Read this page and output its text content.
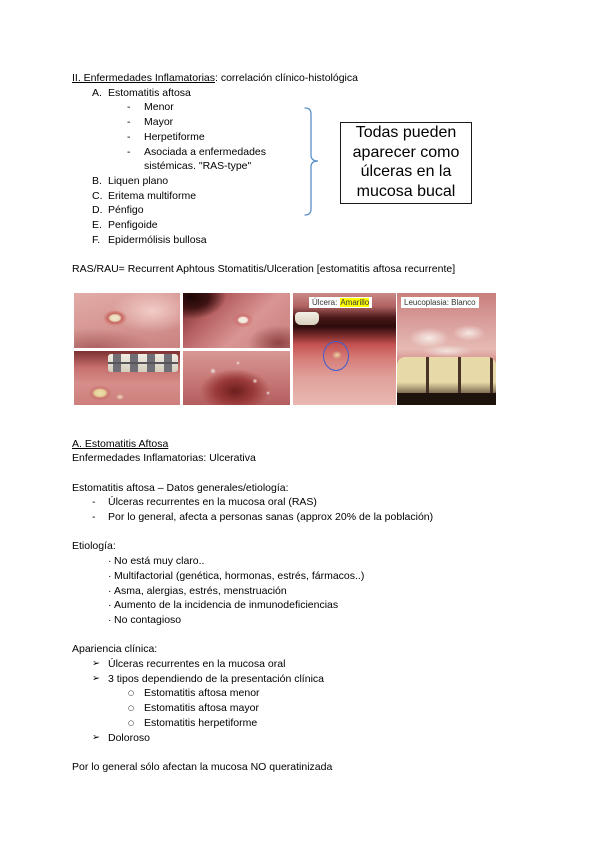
II. Enfermedades Inflamatorias: correlación clínico-histológica
A. Estomatitis aftosa
- Menor
- Mayor
- Herpetiforme
- Asociada a enfermedades sistémicas. "RAS-type"
B. Liquen plano
C. Eritema multiforme
D. Pénfigo
E. Penfigoide
F. Epidermólisis bullosa
RAS/RAU= Recurrent Aphtous Stomatitis/Ulceration [estomatitis aftosa recurrente]
Todas pueden
aparecer como
úlceras en la
mucosa bucal
Úlcera: Amarillo	Leucoplasia: Blanco
A. Estomatitis Aftosa
Enfermedades Inflamatorias: Ulcerativa
Estomatitis aftosa – Datos generales/etiología:
- Úlceras recurrentes en la mucosa oral (RAS)
- Por lo general, afecta a personas sanas (approx 20% de la población)
Etiología:
· No está muy claro..
· Multifactorial (genética, hormonas, estrés, fármacos..)
· Asma, alergias, estrés, menstruación
· Aumento de la incidencia de inmunodeficiencias
· No contagioso
Apariencia clínica:
➢ Úlceras recurrentes en la mucosa oral
➢ 3 tipos dependiendo de la presentación clínica
○ Estomatitis aftosa menor
○ Estomatitis aftosa mayor
○ Estomatitis herpetiforme
➢ Doloroso
Por lo general sólo afectan la mucosa NO queratinizada
